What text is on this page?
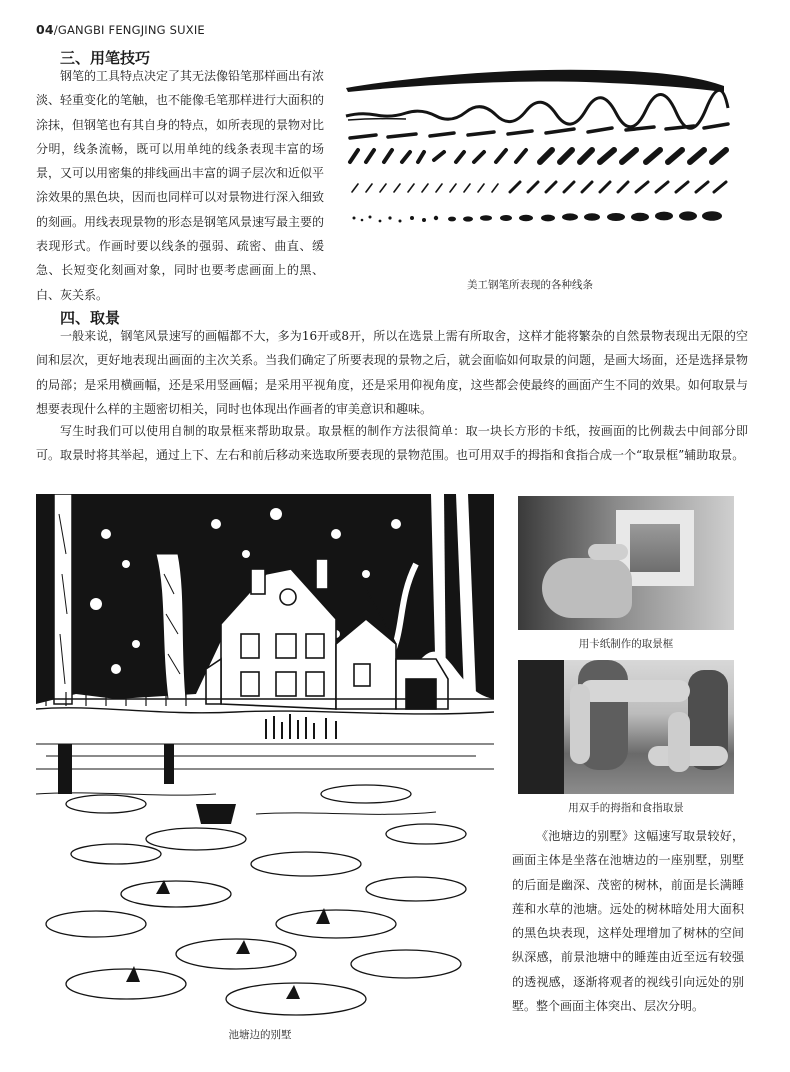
04/GANGBI FENGJING SUXIE
三、用笔技巧

钢笔的工具特点决定了其无法像铅笔那样画出有浓淡、轻重变化的笔触，也不能像毛笔那样进行大面积的涂抹，但钢笔也有其自身的特点，如所表现的景物对比分明，线条流畅，既可以用单纯的线条表现丰富的场景，又可以用密集的排线画出丰富的调子层次和近似平涂效果的黑色块，因而也同样可以对景物进行深入细致的刻画。用线表现景物的形态是钢笔风景速写最主要的表现形式。作画时要以线条的强弱、疏密、曲直、缓急、长短变化刻画对象，同时也要考虑画面上的黑、白、灰关系。

美工钢笔所表现的各种线条
四、取景

一般来说，钢笔风景速写的画幅都不大，多为16开或8开，所以在选景上需有所取舍，这样才能将繁杂的自然景物表现出无限的空间和层次，更好地表现出画面的主次关系。当我们确定了所要表现的景物之后，就会面临如何取景的问题，是画大场面，还是选择景物的局部；是采用横画幅，还是采用竖画幅；是采用平视角度，还是采用仰视角度，这些都会使最终的画面产生不同的效果。如何取景与想要表现什么样的主题密切相关，同时也体现出作画者的审美意识和趣味。

写生时我们可以使用自制的取景框来帮助取景。取景框的制作方法很简单：取一块长方形的卡纸，按画面的比例裁去中间部分即可。取景时将其举起，通过上下、左右和前后移动来选取所要表现的景物范围。也可用双手的拇指和食指合成一个“取景框”辅助取景。

池塘边的别墅
用卡纸制作的取景框
用双手的拇指和食指取景

《池塘边的别墅》这幅速写取景较好，画面主体是坐落在池塘边的一座别墅，别墅的后面是幽深、茂密的树林，前面是长满睡莲和水草的池塘。远处的树林暗处用大面积的黑色块表现，这样处理增加了树林的空间纵深感，前景池塘中的睡莲由近至远有较强的透视感，逐渐将观者的视线引向远处的别墅。整个画面主体突出、层次分明。
